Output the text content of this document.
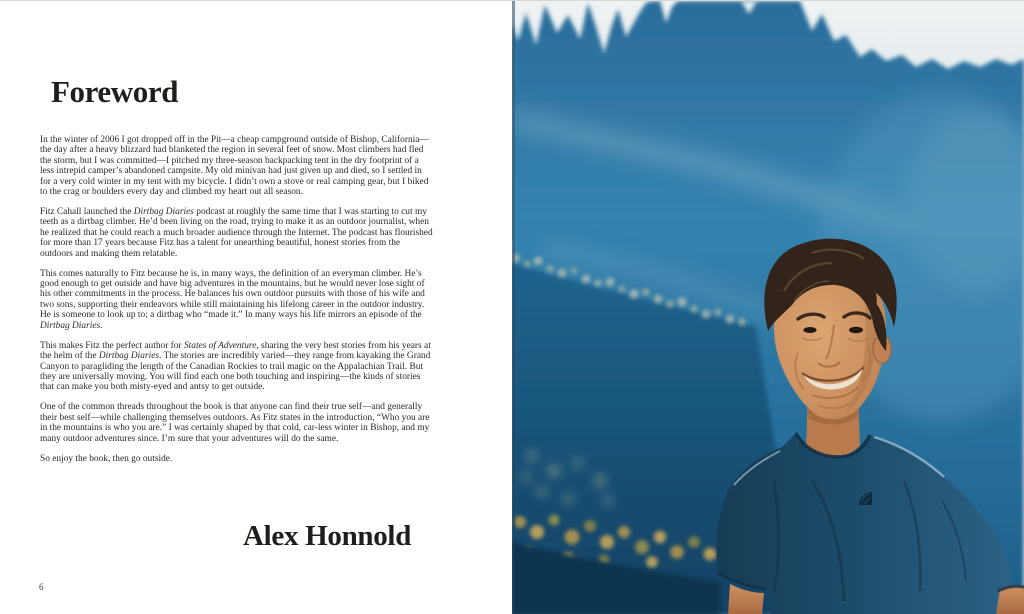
Foreword

In the winter of 2006 I got dropped off in the Pit—a cheap campground outside of Bishop, California—the day after a heavy blizzard had blanketed the region in several feet of snow. Most climbers had fled the storm, but I was committed—I pitched my three-season backpacking tent in the dry footprint of a less intrepid camper’s abandoned campsite. My old minivan had just given up and died, so I settled in for a very cold winter in my tent with my bicycle. I didn’t own a stove or real camping gear, but I biked to the crag or boulders every day and climbed my heart out all season.

Fitz Cahall launched the Dirtbag Diaries podcast at roughly the same time that I was starting to cut my teeth as a dirtbag climber. He’d been living on the road, trying to make it as an outdoor journalist, when he realized that he could reach a much broader audience through the Internet. The podcast has flourished for more than 17 years because Fitz has a talent for unearthing beautiful, honest stories from the outdoors and making them relatable.

This comes naturally to Fitz because he is, in many ways, the definition of an everyman climber. He’s good enough to get outside and have big adventures in the mountains, but he would never lose sight of his other commitments in the process. He balances his own outdoor pursuits with those of his wife and two sons, supporting their endeavors while still maintaining his lifelong career in the outdoor industry. He is someone to look up to; a dirtbag who “made it.” In many ways his life mirrors an episode of the Dirtbag Diaries.

This makes Fitz the perfect author for States of Adventure, sharing the very best stories from his years at the helm of the Dirtbag Diaries. The stories are incredibly varied—they range from kayaking the Grand Canyon to paragliding the length of the Canadian Rockies to trail magic on the Appalachian Trail. But they are universally moving. You will find each one both touching and inspiring—the kinds of stories that can make you both misty-eyed and antsy to get outside.

One of the common threads throughout the book is that anyone can find their true self—and generally their best self—while challenging themselves outdoors. As Fitz states in the introduction, “Who you are in the mountains is who you are.” I was certainly shaped by that cold, car-less winter in Bishop, and my many outdoor adventures since. I’m sure that your adventures will do the same.

So enjoy the book, then go outside.

Alex Honnold
6
